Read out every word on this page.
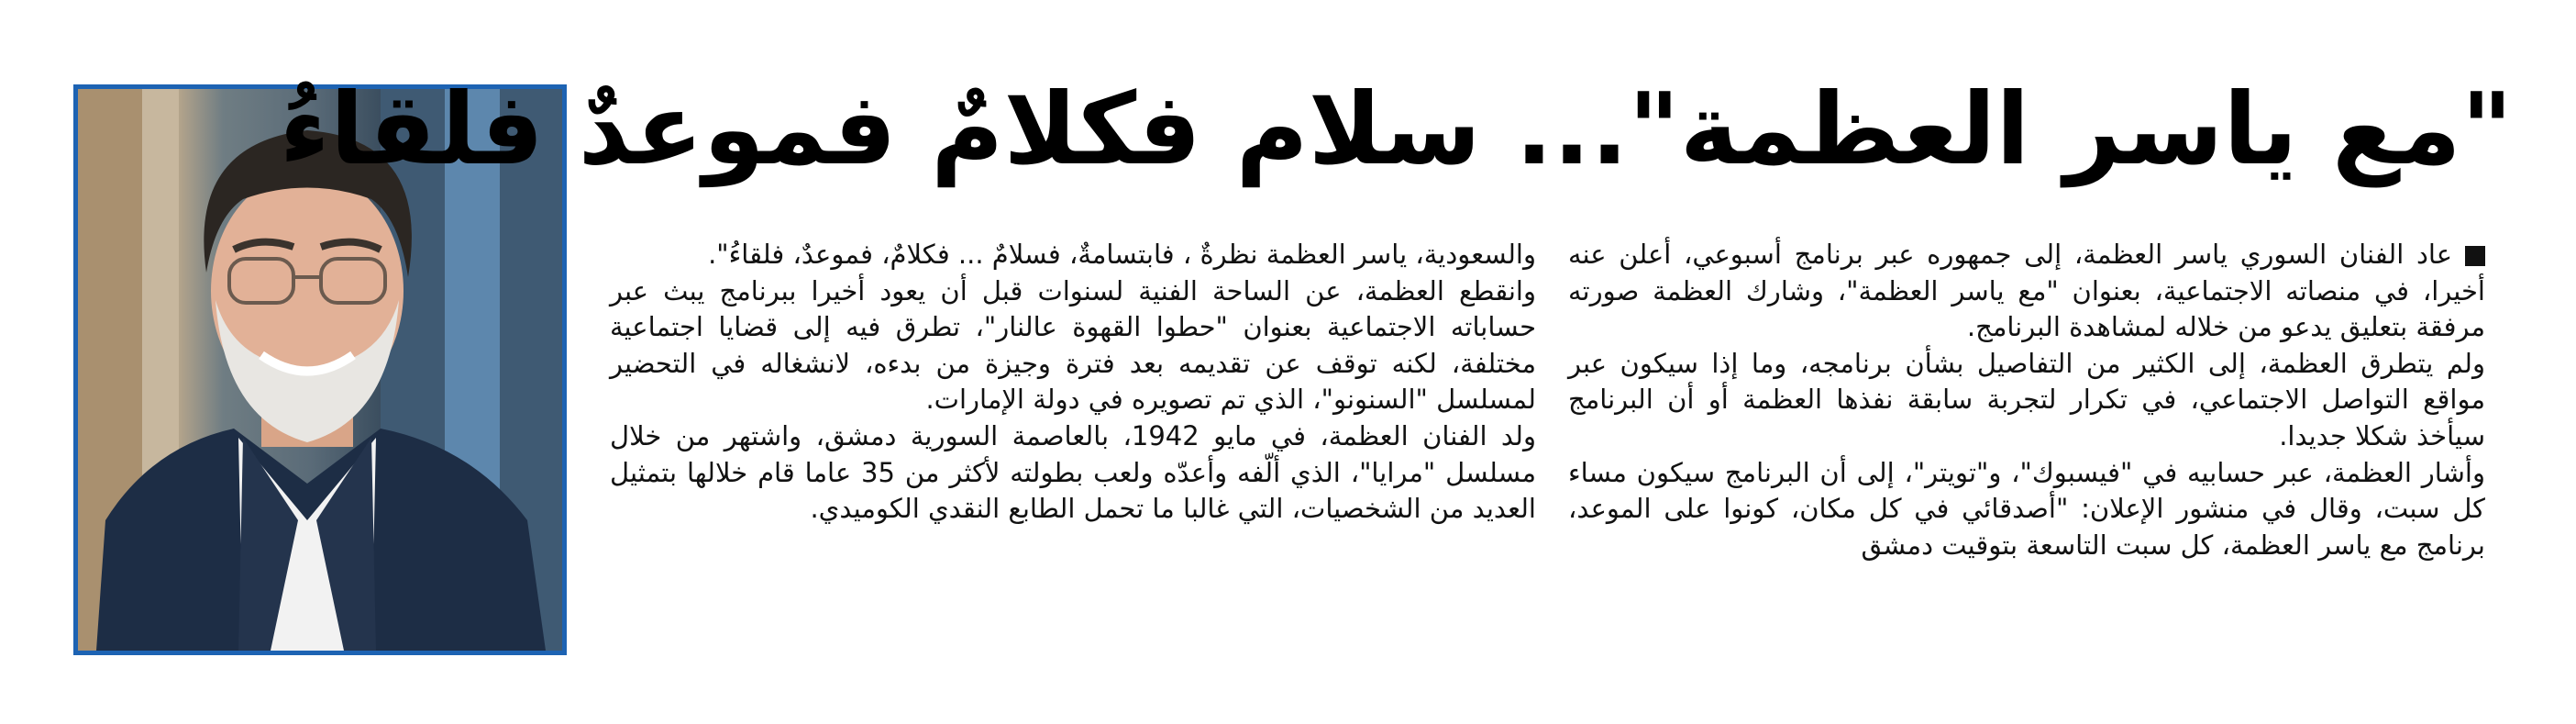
"مع ياسر العظمة"... سلام فكلامٌ فموعدٌ فلقاءُ

عاد الفنان السوري ياسر العظمة، إلى جمهوره عبر برنامج أسبوعي، أعلن عنه أخيرا، في منصاته الاجتماعية، بعنوان "مع ياسر العظمة"، وشارك العظمة صورته مرفقة بتعليق يدعو من خلاله لمشاهدة البرنامج.

ولم يتطرق العظمة، إلى الكثير من التفاصيل بشأن برنامجه، وما إذا سيكون عبر مواقع التواصل الاجتماعي، في تكرار لتجربة سابقة نفذها العظمة أو أن البرنامج سيأخذ شكلا جديدا.

وأشار العظمة، عبر حسابيه في "فيسبوك"، و"تويتر"، إلى أن البرنامج سيكون مساء كل سبت، وقال في منشور الإعلان: "أصدقائي في كل مكان، كونوا على الموعد، برنامج مع ياسر العظمة، كل سبت التاسعة بتوقيت دمشق

والسعودية، ياسر العظمة نظرةٌ ، فابتسامةٌ، فسلامٌ ... فكلامٌ، فموعدٌ، فلقاءُ".

وانقطع العظمة، عن الساحة الفنية لسنوات قبل أن يعود أخيرا ببرنامج يبث عبر حساباته الاجتماعية بعنوان "حطوا القهوة عالنار"، تطرق فيه إلى قضايا اجتماعية مختلفة، لكنه توقف عن تقديمه بعد فترة وجيزة من بدءه، لانشغاله في التحضير لمسلسل "السنونو"، الذي تم تصويره في دولة الإمارات.

ولد الفنان العظمة، في مايو 1942، بالعاصمة السورية دمشق، واشتهر من خلال مسلسل "مرايا"، الذي ألّفه وأعدّه ولعب بطولته لأكثر من 35 عاما قام خلالها بتمثيل العديد من الشخصيات، التي غالبا ما تحمل الطابع النقدي الكوميدي.
